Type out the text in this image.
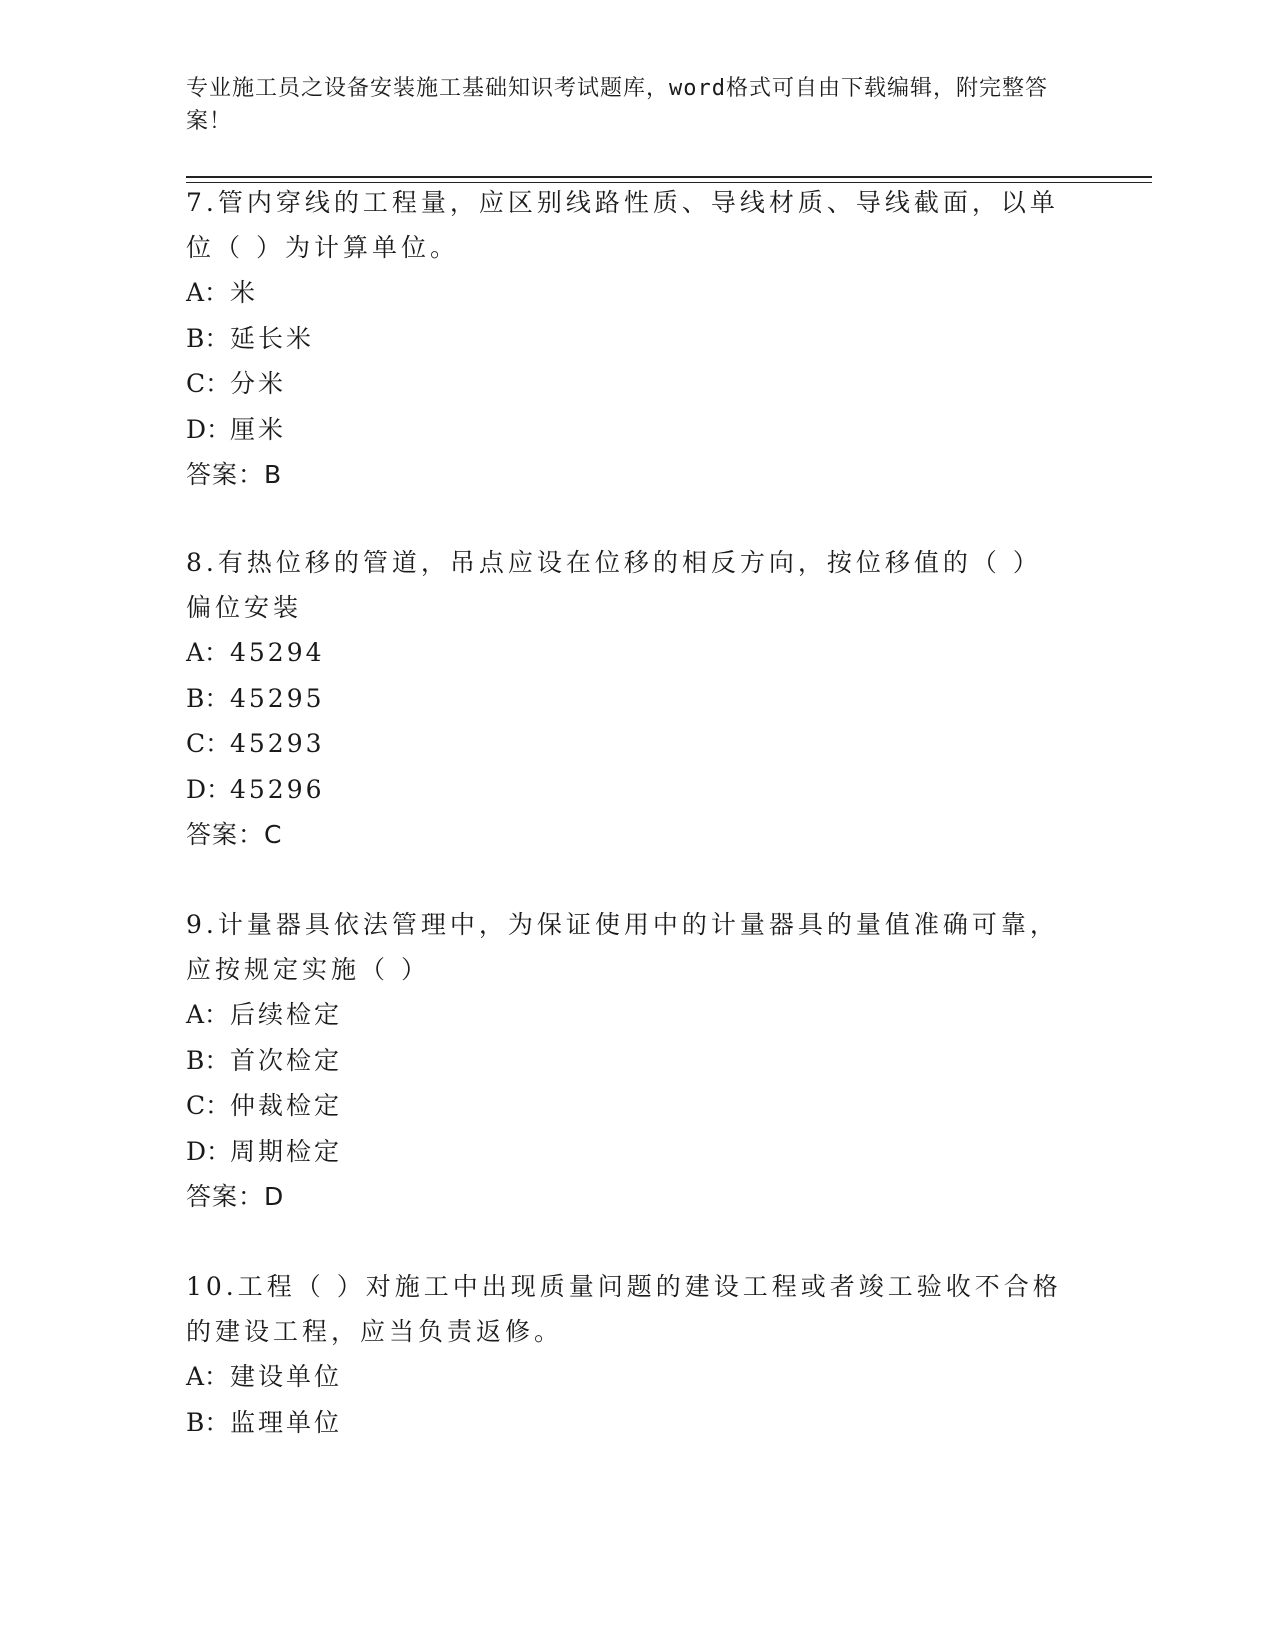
专业施工员之设备安装施工基础知识考试题库，word格式可自由下载编辑，附完整答案！

7.管内穿线的工程量，应区别线路性质、导线材质、导线截面，以单位（ ）为计算单位。

A：米

B：延长米

C：分米

D：厘米

答案：B

8.有热位移的管道，吊点应设在位移的相反方向，按位移值的（ ）偏位安装

A：45294

B：45295

C：45293

D：45296

答案：C

9.计量器具依法管理中，为保证使用中的计量器具的量值准确可靠，应按规定实施（ ）

A：后续检定

B：首次检定

C：仲裁检定

D：周期检定

答案：D

10.工程（ ）对施工中出现质量问题的建设工程或者竣工验收不合格的建设工程，应当负责返修。

A：建设单位

B：监理单位
